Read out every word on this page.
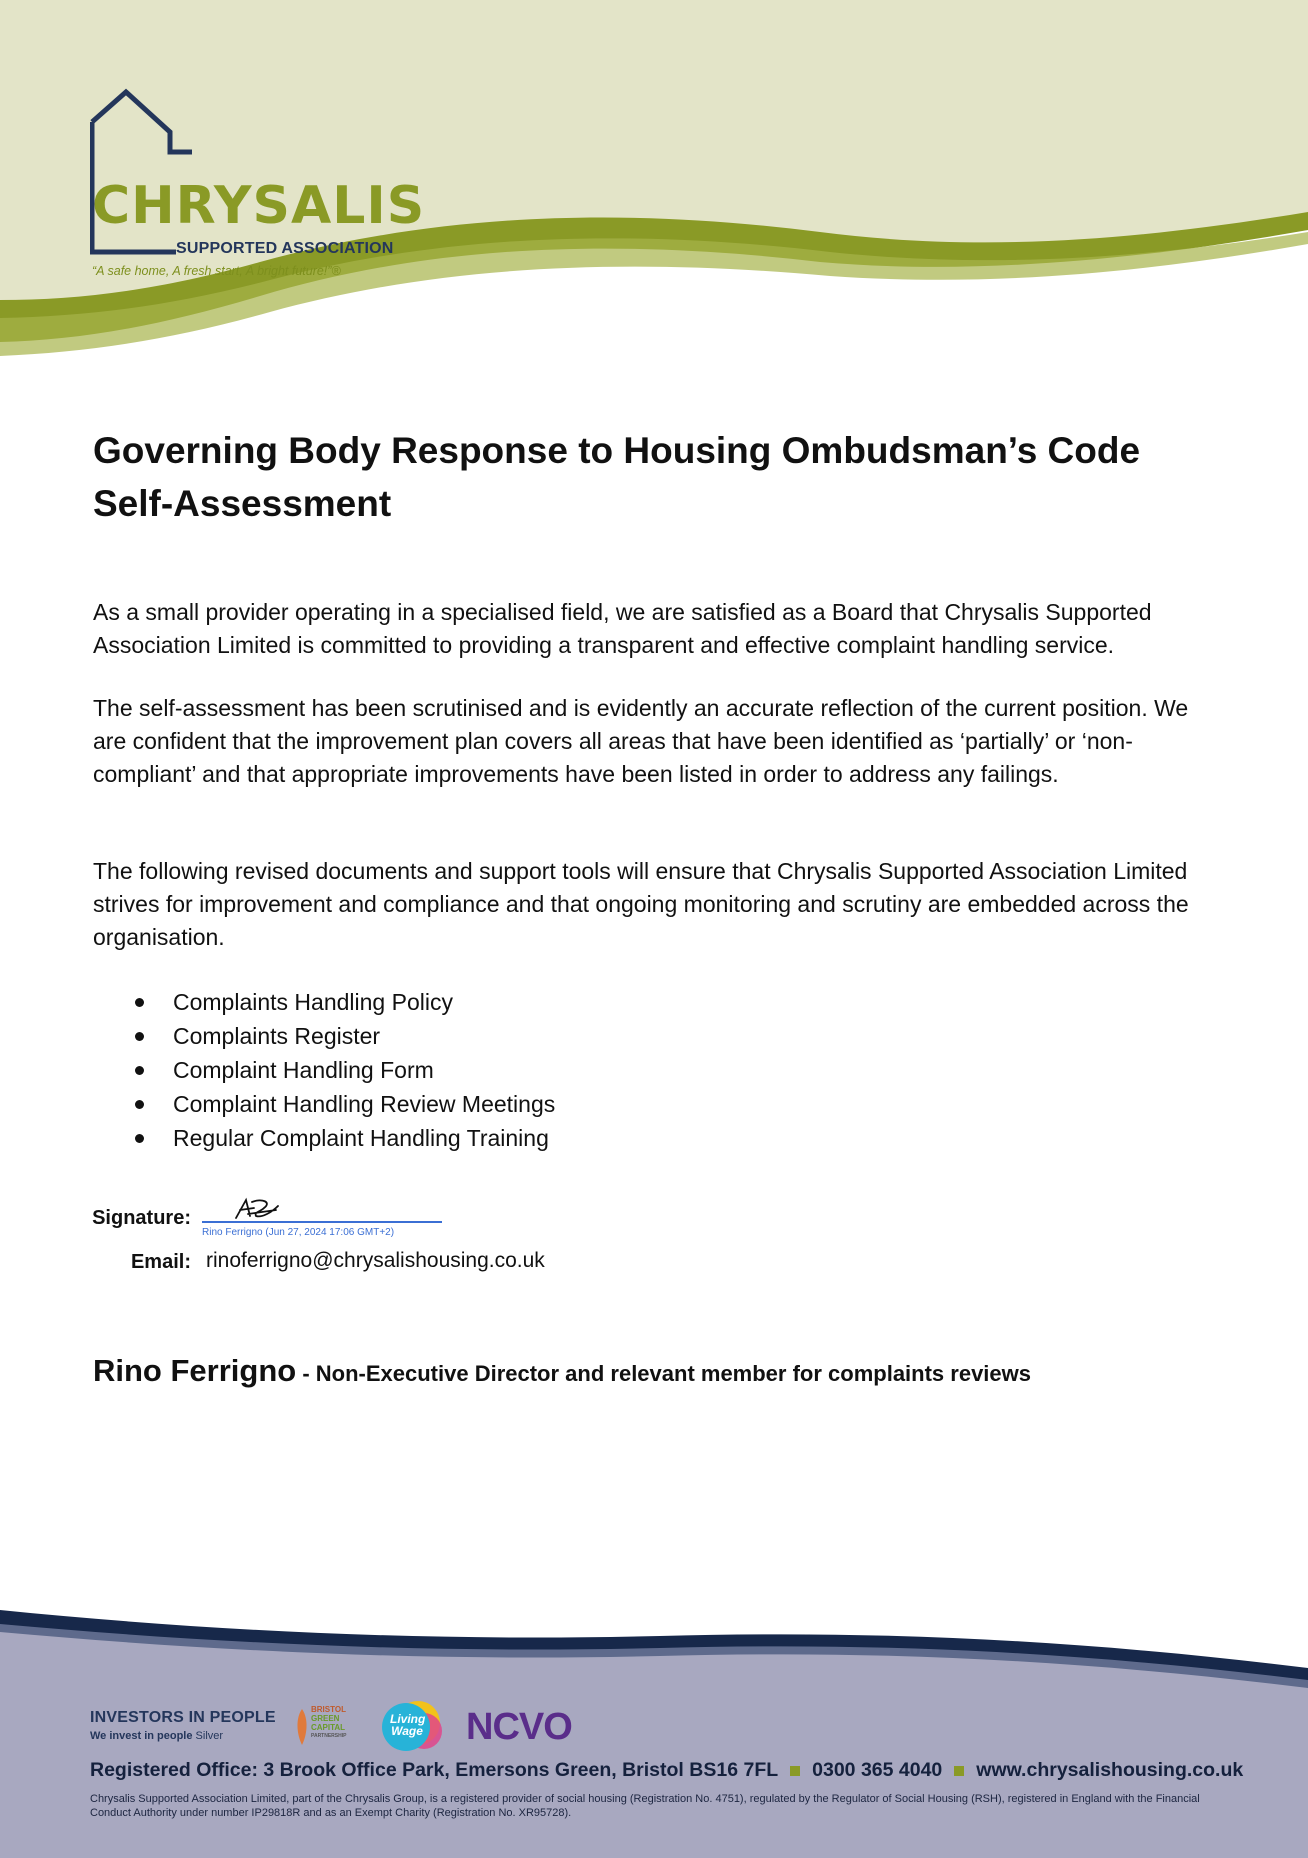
CHRYSALIS
SUPPORTED ASSOCIATION
“A safe home, A fresh start, A bright future!”®
Governing Body Response to Housing Ombudsman’s Code
Self-Assessment

As a small provider operating in a specialised field, we are satisfied as a Board that Chrysalis Supported Association Limited is committed to providing a transparent and effective complaint handling service.

The self-assessment has been scrutinised and is evidently an accurate reflection of the current position. We are confident that the improvement plan covers all areas that have been identified as ‘partially’ or ‘non-compliant’ and that appropriate improvements have been listed in order to address any failings.

The following revised documents and support tools will ensure that Chrysalis Supported Association Limited strives for improvement and compliance and that ongoing monitoring and scrutiny are embedded across the organisation.

Complaints Handling Policy
Complaints Register
Complaint Handling Form
Complaint Handling Review Meetings
Regular Complaint Handling Training
Signature:
Rino Ferrigno (Jun 27, 2024 17:06 GMT+2)
Email: rinoferrigno@chrysalishousing.co.uk
Rino Ferrigno - Non-Executive Director and relevant member for complaints reviews
INVESTORS IN PEOPLE
We invest in people Silver
BRISTOL
GREEN
CAPITAL
PARTNERSHIP
Living
Wage NCVO
Registered Office: 3 Brook Office Park, Emersons Green, Bristol BS16 7FL 0300 365 4040 www.chrysalishousing.co.uk
Chrysalis Supported Association Limited, part of the Chrysalis Group, is a registered provider of social housing (Registration No. 4751), regulated by the Regulator of Social Housing (RSH), registered in England with the Financial Conduct Authority under number IP29818R and as an Exempt Charity (Registration No. XR95728).
